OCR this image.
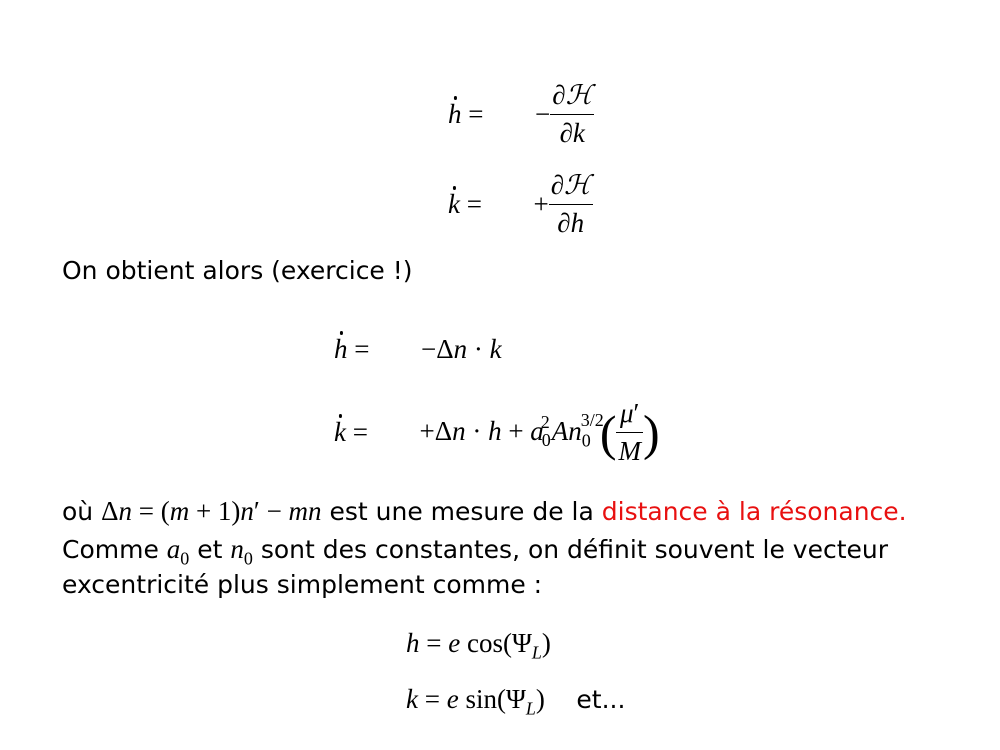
h = − $\frac{\text{∂ℋ}}{\partial k}$
k = + $\frac{\text{∂ℋ}}{\partial h}$
On obtient alors (exercice !)
h =  −Δn · k
$k = +\Delta n \cdot h + a_0^2An_0^{3/2}( \frac{\mu'}{M}$ )
où Δn = (m + 1)n′ − mn est une mesure de la distance à la résonance.
Comme $a_0$ et $n_0$ sont des constantes, on définit souvent le vecteur
excentricité plus simplement comme :
h = e $\cos(\Psi_L)$
k = e $\sin(\Psi_L)$  et...
